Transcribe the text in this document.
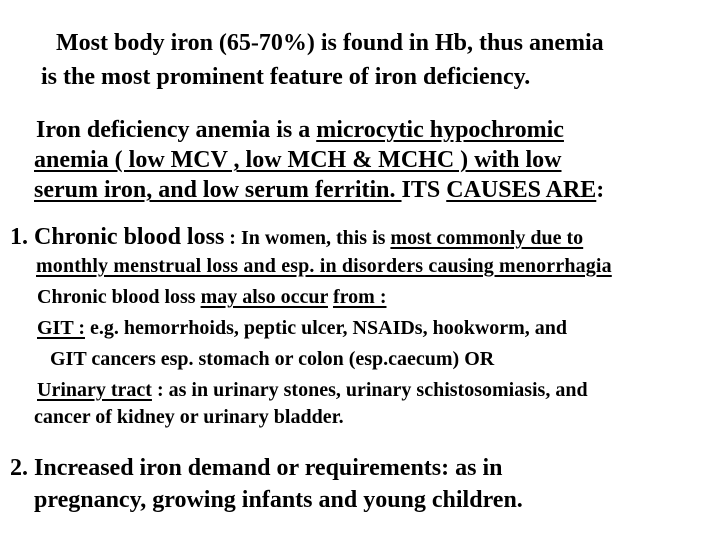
Most body iron (65-70%) is found in Hb, thus anemia
is the most prominent feature of iron deficiency.
Iron deficiency anemia is a microcytic hypochromic
anemia ( low MCV , low MCH & MCHC ) with low
serum iron, and low serum ferritin. ITS CAUSES ARE:
1. Chronic blood loss : In women, this is most commonly due to
monthly menstrual loss and esp. in disorders causing menorrhagia
Chronic blood loss may also occur from :
GIT : e.g. hemorrhoids, peptic ulcer, NSAIDs, hookworm, and
GIT cancers esp. stomach or colon (esp.caecum) OR
Urinary tract : as in urinary stones, urinary schistosomiasis, and
cancer of kidney or urinary bladder.
2. Increased iron demand or requirements: as in
pregnancy, growing infants and young children.
